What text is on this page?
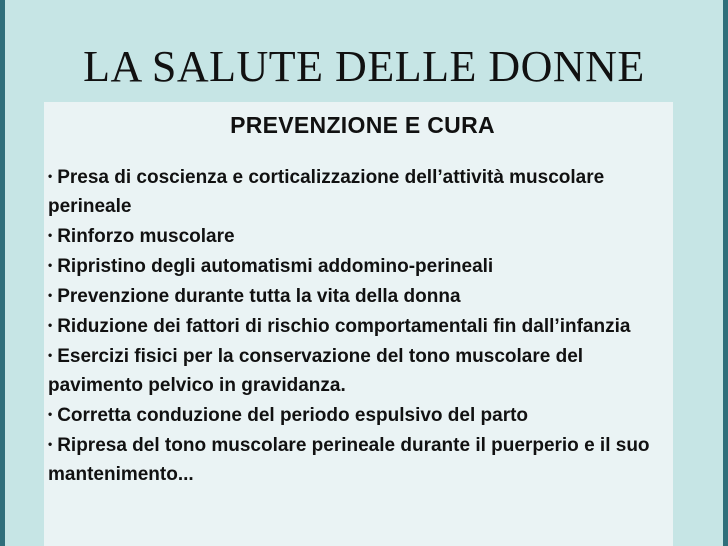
LA SALUTE DELLE DONNE
PREVENZIONE E CURA
• Presa di coscienza e corticalizzazione dell’attività muscolare perineale
• Rinforzo muscolare
• Ripristino degli automatismi addomino-perineali
• Prevenzione durante tutta la vita della donna
• Riduzione dei fattori di rischio comportamentali fin dall’infanzia
• Esercizi fisici per la conservazione del tono muscolare del pavimento pelvico in gravidanza.
• Corretta conduzione del periodo espulsivo del parto
• Ripresa del tono muscolare perineale durante il puerperio e il suo mantenimento...
